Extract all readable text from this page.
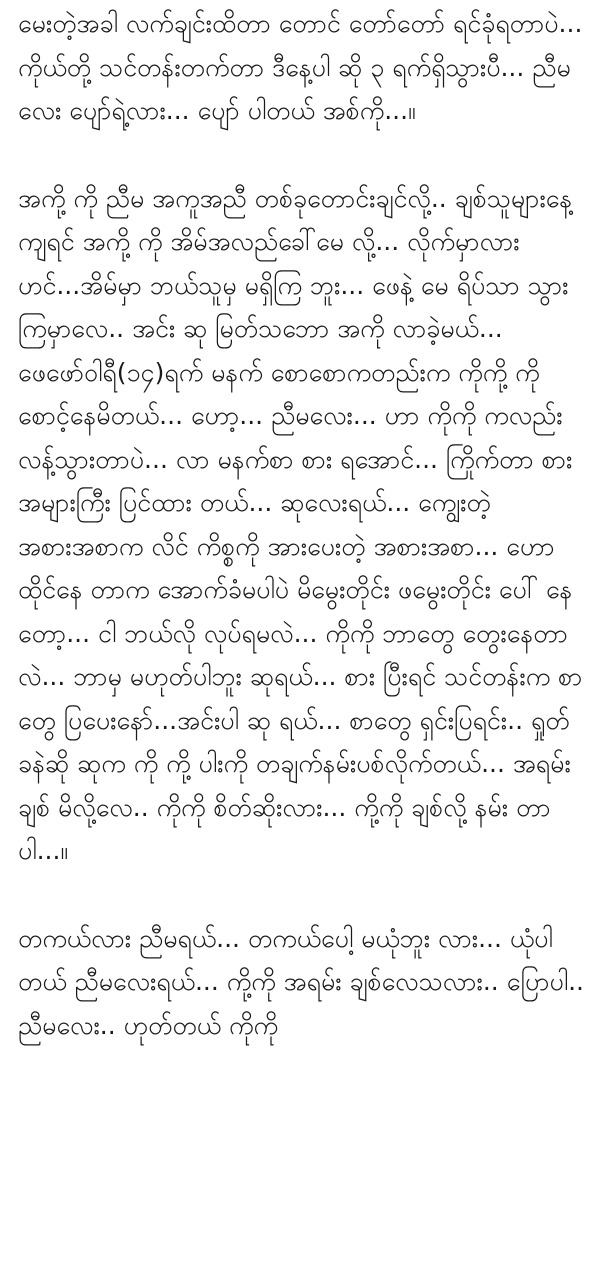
မေးတဲ့အခါ လက်ချင်းထိတာ တောင် တော်တော် ရင်ခုံရတာပဲ... ကိုယ်တို့ သင်တန်းတက်တာ ဒီနေ့ပါ ဆို ၃ ရက်ရှိသွားပီ... ညီမလေး ပျော်ရဲ့လား... ပျော် ပါတယ် အစ်ကို...။

အကို့ ကို ညီမ အကူအညီ တစ်ခုတောင်းချင်လို့.. ချစ်သူများနေ့ ကျရင် အကို့ ကို အိမ်အလည်ခေါ်မေ လို့... လိုက်မှာလားဟင်...အိမ်မှာ ဘယ်သူမှ မရှိကြ ဘူး... ဖေနဲ့ မေ ရိပ်သာ သွားကြမှာလေ.. အင်း ဆု မြတ်သဘော အကို လာခဲ့မယ်... ဖေဖော်ဝါရီ(၁၄)ရက် မနက် စောစောကတည်းက ကိုကို့ ကို စောင့်နေမိတယ်... ဟော့... ညီမလေး... ဟာ ကိုကို ကလည်း လန့်သွားတာပဲ... လာ မနက်စာ စား ရအောင်... ကြိုက်တာ စား အများကြီး ပြင်ထား တယ်... ဆုလေးရယ်... ကျွေးတဲ့အစားအစာက လိင် ကိစ္စကို အားပေးတဲ့ အစားအစာ... ဟော ထိုင်နေ တာက အောက်ခံမပါပဲ မိမွေးတိုင်း ဖမွေးတိုင်း ပေါ် နေတော့... ငါ ဘယ်လို လုပ်ရမလဲ... ကိုကို ဘာတွေ တွေးနေတာလဲ... ဘာမှ မဟုတ်ပါဘူး ဆုရယ်... စား ပြီးရင် သင်တန်းက စာတွေ ပြပေးနော်...အင်းပါ ဆု ရယ်... စာတွေ ရှင်းပြရင်း.. ရှုတ် ခနဲဆို ဆုက ကို ကို့ ပါးကို တချက်နမ်းပစ်လိုက်တယ်... အရမ်းချစ် မိလို့လေ.. ကိုကို စိတ်ဆိုးလား... ကို့ကို ချစ်လို့ နမ်း တာပါ...။

တကယ်လား ညီမရယ်... တကယ်ပေါ့ မယုံဘူး လား... ယုံပါတယ် ညီမလေးရယ်... ကို့ကို အရမ်း ချစ်လေသလား.. ပြောပါ.. ညီမလေး.. ဟုတ်တယ် ကိုကို
